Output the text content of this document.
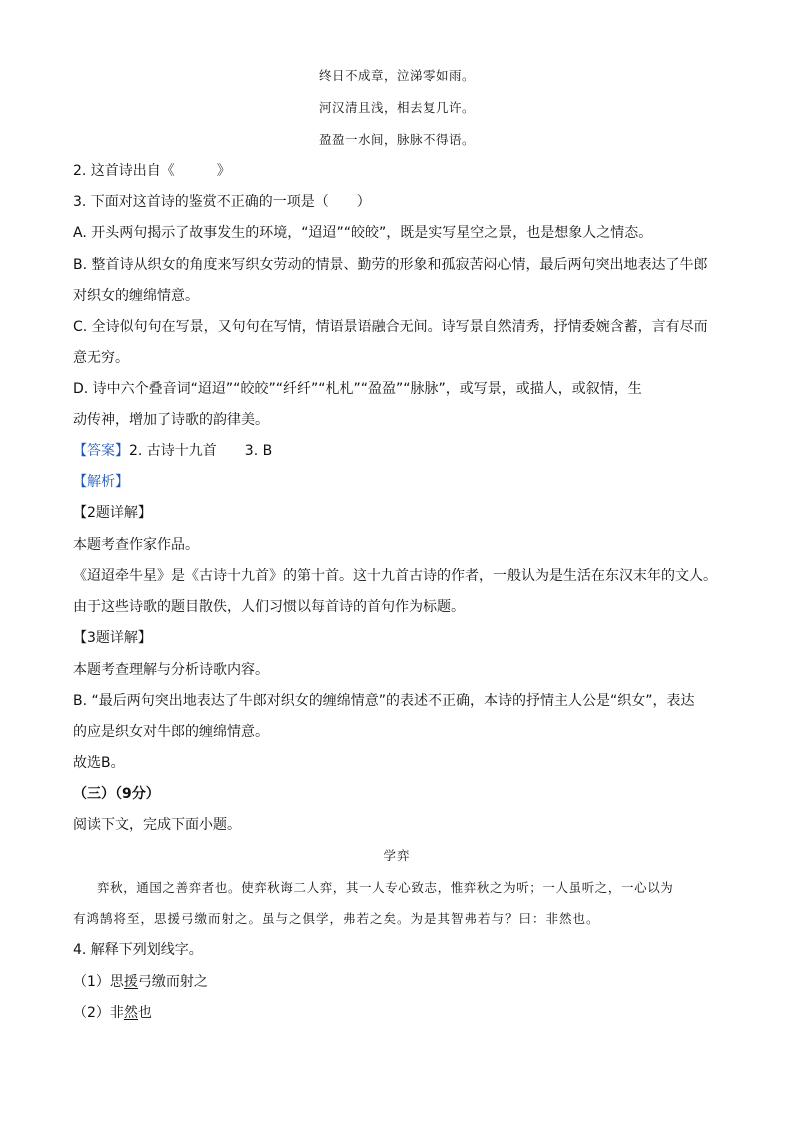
终日不成章，泣涕零如雨。
河汉清且浅，相去复几许。
盈盈一水间，脉脉不得语。
2. 这首诗出自《　　　》
3. 下面对这首诗的鉴赏不正确的一项是（　　）
A. 开头两句揭示了故事发生的环境，“迢迢”“皎皎”，既是实写星空之景，也是想象人之情态。
B. 整首诗从织女的角度来写织女劳动的情景、勤劳的形象和孤寂苦闷心情，最后两句突出地表达了牛郎
对织女的缠绵情意。
C. 全诗似句句在写景，又句句在写情，情语景语融合无间。诗写景自然清秀，抒情委婉含蓄，言有尽而
意无穷。
D. 诗中六个叠音词“迢迢”“皎皎”“纤纤”“札札”“盈盈”“脉脉”，或写景，或描人，或叙情，生
动传神，增加了诗歌的韵律美。
【答案】2. 古诗十九首　　3. B
【解析】
【2题详解】
本题考查作家作品。
《迢迢牵牛星》是《古诗十九首》的第十首。这十九首古诗的作者，一般认为是生活在东汉末年的文人。
由于这些诗歌的题目散佚，人们习惯以每首诗的首句作为标题。
【3题详解】
本题考查理解与分析诗歌内容。
B. “最后两句突出地表达了牛郎对织女的缠绵情意”的表述不正确，本诗的抒情主人公是“织女”，表达
的应是织女对牛郎的缠绵情意。
故选B。
（三）（9分）
阅读下文，完成下面小题。
学弈
弈秋，通国之善弈者也。使弈秋诲二人弈，其一人专心致志，惟弈秋之为听；一人虽听之，一心以为
有鸿鹄将至，思援弓缴而射之。虽与之俱学，弗若之矣。为是其智弗若与？曰：非然也。
4. 解释下列划线字。
（1）思援弓缴而射之
（2）非然也
